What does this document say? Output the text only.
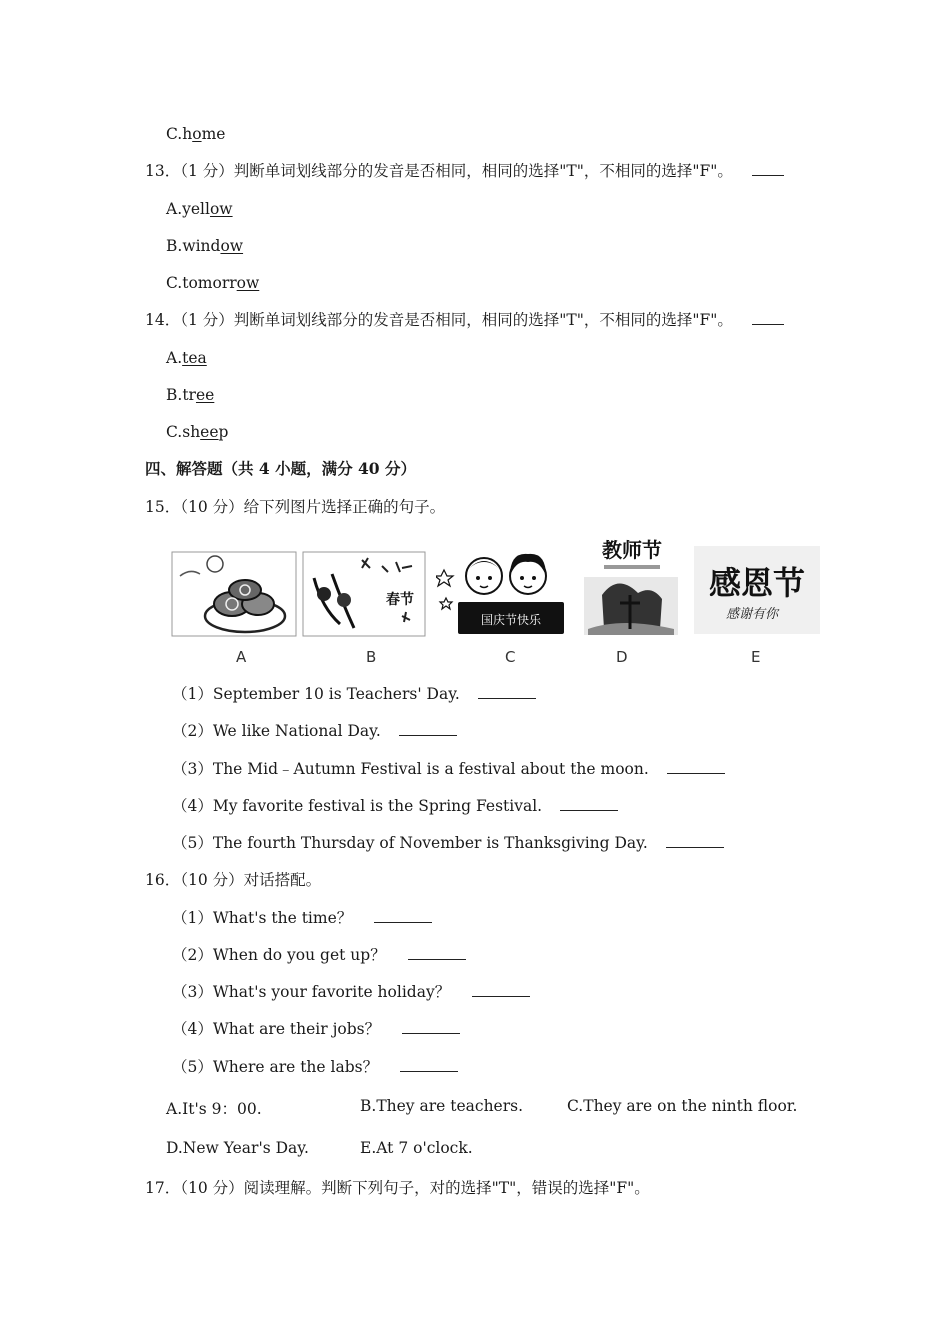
C.home
13．（1 分）判断单词划线部分的发音是否相同，相同的选择"T"，不相同的选择"F"。
A.yellow
B.window
C.tomorrow
14．（1 分）判断单词划线部分的发音是否相同，相同的选择"T"，不相同的选择"F"。
A.tea
B.tree
C.sheep
四、解答题（共 4 小题，满分 40 分）
15．（10 分）给下列图片选择正确的句子。
春节
国庆节快乐
教师节
感恩节
感谢有你
A	B	C	D	E
（1）September 10 is Teachers' Day.
（2）We like National Day.
（3）The Mid﹣Autumn Festival is a festival about the moon.
（4）My favorite festival is the Spring Festival.
（5）The fourth Thursday of November is Thanksgiving Day.
16．（10 分）对话搭配。
（1）What's the time？
（2）When do you get up？
（3）What's your favorite holiday？
（4）What are their jobs？
（5）Where are the labs？
A.It's 9：00.	B.They are teachers.	C.They are on the ninth floor.
D.New Year's Day.	E.At 7 o'clock.
17．（10 分）阅读理解。判断下列句子，对的选择"T"，错误的选择"F"。
